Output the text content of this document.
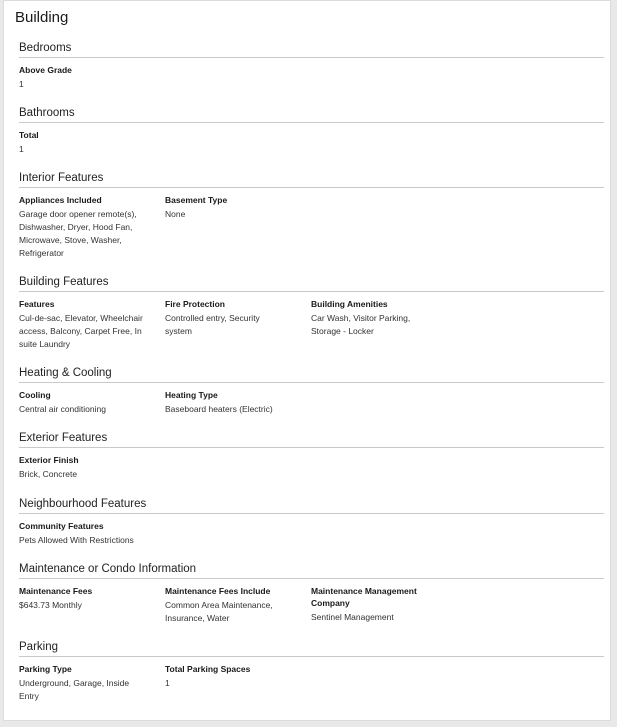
Building
Bedrooms
Above Grade
1
Bathrooms
Total
1
Interior Features
Appliances Included
Garage door opener remote(s),
Dishwasher, Dryer, Hood Fan,
Microwave, Stove, Washer,
Refrigerator
Basement Type
None
Building Features
Features
Cul-de-sac, Elevator, Wheelchair
access, Balcony, Carpet Free, In
suite Laundry
Fire Protection
Controlled entry, Security
system
Building Amenities
Car Wash, Visitor Parking,
Storage - Locker
Heating & Cooling
Cooling
Central air conditioning
Heating Type
Baseboard heaters (Electric)
Exterior Features
Exterior Finish
Brick, Concrete
Neighbourhood Features
Community Features
Pets Allowed With Restrictions
Maintenance or Condo Information
Maintenance Fees
$643.73 Monthly
Maintenance Fees Include
Common Area Maintenance,
Insurance, Water
Maintenance Management
Company
Sentinel Management
Parking
Parking Type
Underground, Garage, Inside
Entry
Total Parking Spaces
1
